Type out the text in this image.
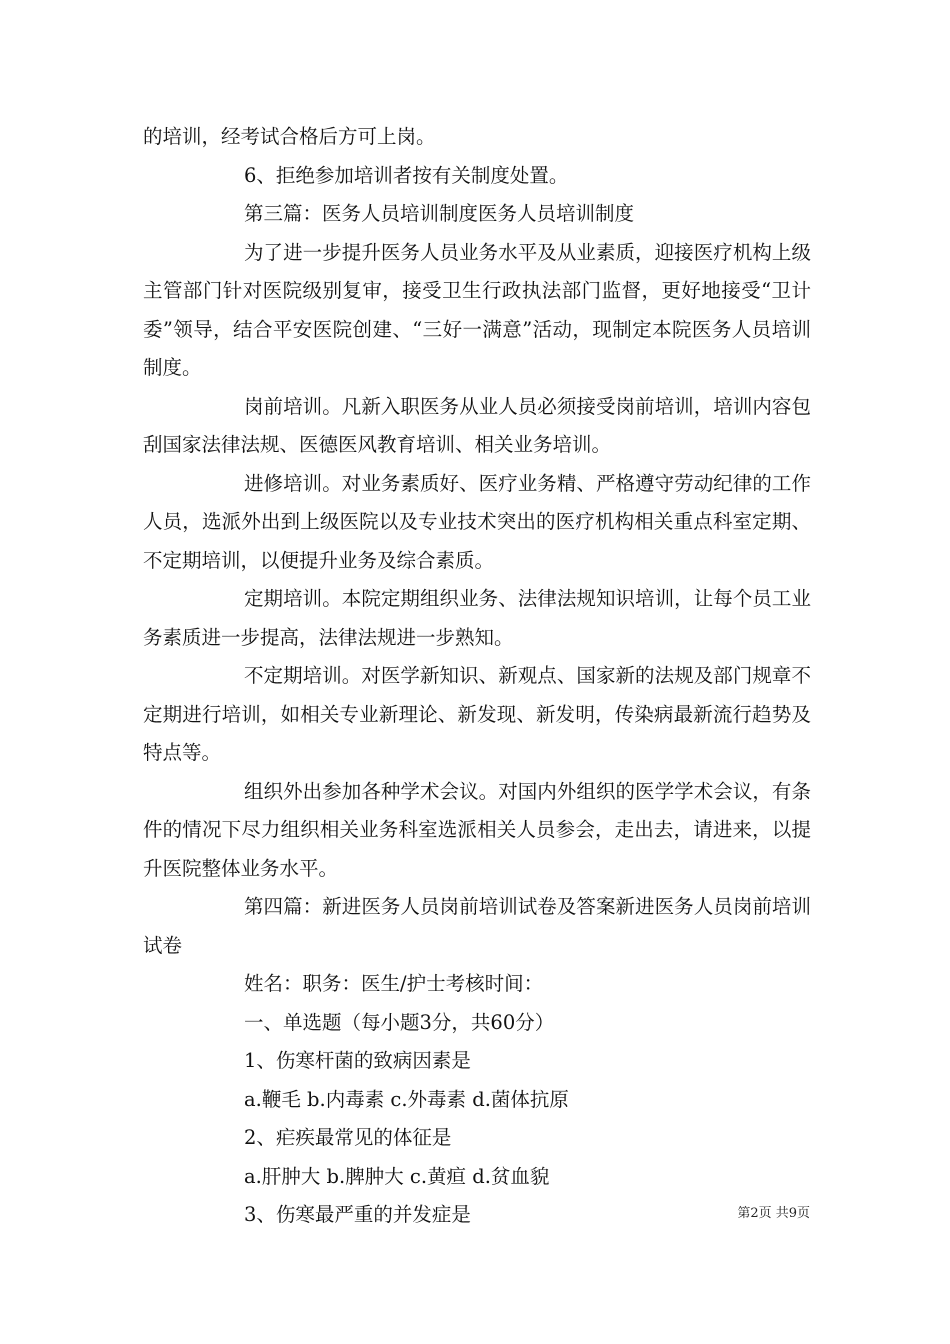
的培训，经考试合格后方可上岗。

6、拒绝参加培训者按有关制度处置。

第三篇：医务人员培训制度医务人员培训制度

为了进一步提升医务人员业务水平及从业素质，迎接医疗机构上级主管部门针对医院级别复审，接受卫生行政执法部门监督，更好地接受“卫计委”领导，结合平安医院创建、“三好一满意”活动，现制定本院医务人员培训制度。

岗前培训。凡新入职医务从业人员必须接受岗前培训，培训内容包刮国家法律法规、医德医风教育培训、相关业务培训。

进修培训。对业务素质好、医疗业务精、严格遵守劳动纪律的工作人员，选派外出到上级医院以及专业技术突出的医疗机构相关重点科室定期、不定期培训，以便提升业务及综合素质。

定期培训。本院定期组织业务、法律法规知识培训，让每个员工业务素质进一步提高，法律法规进一步熟知。

不定期培训。对医学新知识、新观点、国家新的法规及部门规章不定期进行培训，如相关专业新理论、新发现、新发明，传染病最新流行趋势及特点等。

组织外出参加各种学术会议。对国内外组织的医学学术会议，有条件的情况下尽力组织相关业务科室选派相关人员参会，走出去，请进来，以提升医院整体业务水平。

第四篇：新进医务人员岗前培训试卷及答案新进医务人员岗前培训试卷

姓名：职务：医生/护士考核时间：

一、单选题（每小题3分，共60分）

1、伤寒杆菌的致病因素是

a.鞭毛 b.内毒素 c.外毒素 d.菌体抗原

2、疟疾最常见的体征是

a.肝肿大 b.脾肿大 c.黄疸 d.贫血貌

3、伤寒最严重的并发症是	第2页 共9页
